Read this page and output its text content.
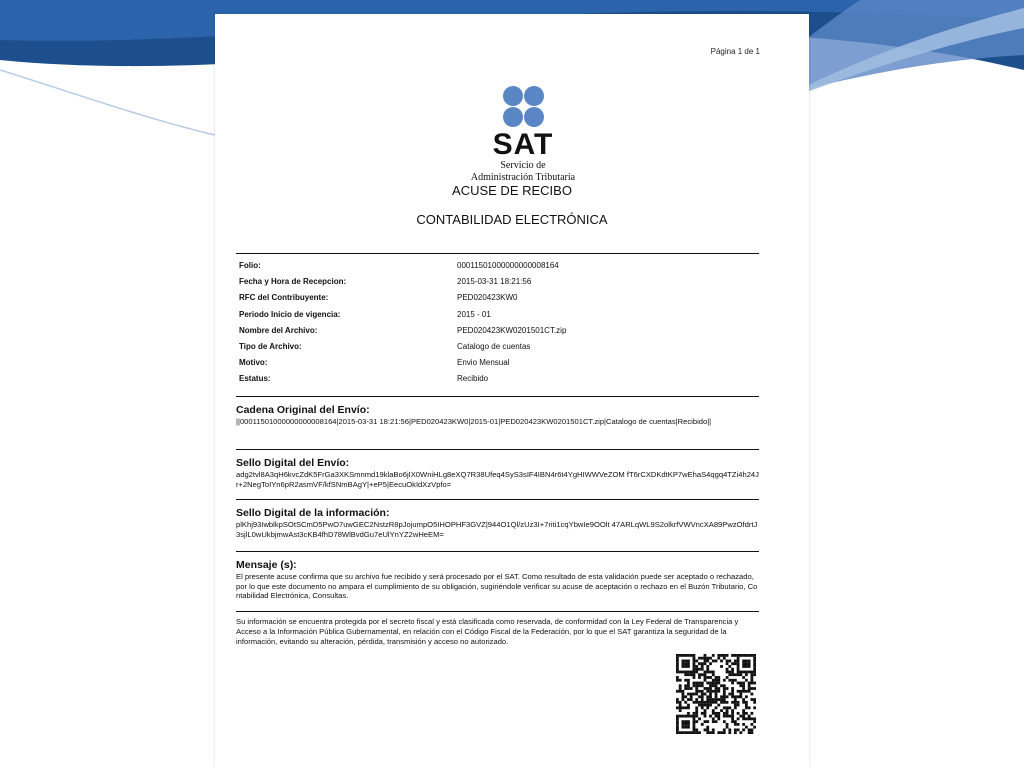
Página 1 de 1
SAT
Servicio de
Administración Tributaria
ACUSE DE RECIBO
CONTABILIDAD ELECTRÓNICA
Folio:	00011501000000000008164
Fecha y Hora de Recepcion:	2015-03-31 18:21:56
RFC del Contribuyente:	PED020423KW0
Periodo Inicio de vigencia:	2015 - 01
Nombre del Archivo:	PED020423KW0201501CT.zip
Tipo de Archivo:	Catalogo de cuentas
Motivo:	Envio Mensual
Estatus:	Recibido
Cadena Original del Envío:
||00011501000000000008164|2015-03-31 18:21:56|PED020423KW0|2015-01|PED020423KW0201501CT.zip|Catalogo de cuentas|Recibido||
Sello Digital del Envío:
adg2tvl8A3qH6kvcZdK5FrGa3XKSmnmd19klaBo6jIX0WniHLg8eXQ7R38Ufeq4SyS3sIF4IBN4r6t4YgHIWWVeZOM fT6rCXDKdtKP7wEhaS4qgq4TZi4h24Jr+2NegToIYn6pR2asmVF/kfSNmBAgY|+eP5|EecuOkIdXzVpfo=
Sello Digital de la información:
plKhj93IwblkpSOtSCmD5PwO7uwGEC2NstzR8pJojumpO5IHOPHF3GVZ|944O1Ql/zUz3I+7riti1cqYbwIe9OOlt 47ARLqWL9S2olkrfVWVncXA89PwzOfdrtJ3sjlL0wUkbjmwAst3cKB4fhD78WlBvdGu7eUlYnYZ2wHeEM=
Mensaje (s):
El presente acuse confirma que su archivo fue recibido y será procesado por el SAT. Como resultado de esta validación puede ser aceptado o rechazado, por lo que este documento no ampara el cumplimiento de su obligación, sugiriéndole verificar su acuse de aceptación o rechazo en el Buzón Tributario, Contabilidad Electrónica, Consultas.
Su información se encuentra protegida por el secreto fiscal y está clasificada como reservada, de conformidad con la Ley Federal de Transparencia y Acceso a la Información Pública Gubernamental, en relación con el Código Fiscal de la Federación, por lo que el SAT garantiza la seguridad de la información, evitando su alteración, pérdida, transmisión y acceso no autorizado.
